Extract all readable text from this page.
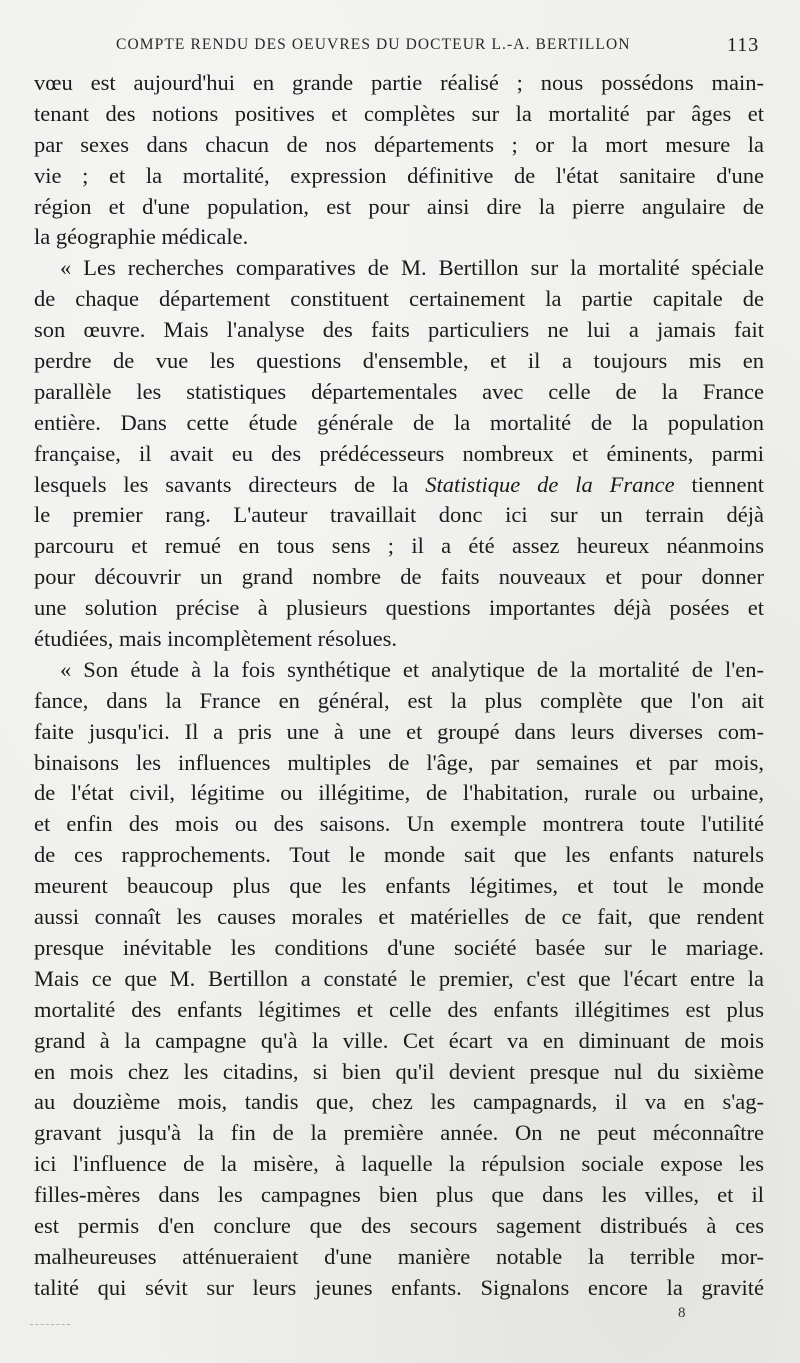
COMPTE RENDU DES OEUVRES DU DOCTEUR L.-A. BERTILLON	113
vœu est aujourd'hui en grande partie réalisé ; nous possédons main-
tenant des notions positives et complètes sur la mortalité par âges et
par sexes dans chacun de nos départements ; or la mort mesure la
vie ; et la mortalité, expression définitive de l'état sanitaire d'une
région et d'une population, est pour ainsi dire la pierre angulaire de
la géographie médicale.
« Les recherches comparatives de M. Bertillon sur la mortalité spéciale
de chaque département constituent certainement la partie capitale de
son œuvre. Mais l'analyse des faits particuliers ne lui a jamais fait
perdre de vue les questions d'ensemble, et il a toujours mis en
parallèle les statistiques départementales avec celle de la France
entière. Dans cette étude générale de la mortalité de la population
française, il avait eu des prédécesseurs nombreux et éminents, parmi
lesquels les savants directeurs de la Statistique de la France tiennent
le premier rang. L'auteur travaillait donc ici sur un terrain déjà
parcouru et remué en tous sens ; il a été assez heureux néanmoins
pour découvrir un grand nombre de faits nouveaux et pour donner
une solution précise à plusieurs questions importantes déjà posées et
étudiées, mais incomplètement résolues.
« Son étude à la fois synthétique et analytique de la mortalité de l'en-
fance, dans la France en général, est la plus complète que l'on ait
faite jusqu'ici. Il a pris une à une et groupé dans leurs diverses com-
binaisons les influences multiples de l'âge, par semaines et par mois,
de l'état civil, légitime ou illégitime, de l'habitation, rurale ou urbaine,
et enfin des mois ou des saisons. Un exemple montrera toute l'utilité
de ces rapprochements. Tout le monde sait que les enfants naturels
meurent beaucoup plus que les enfants légitimes, et tout le monde
aussi connaît les causes morales et matérielles de ce fait, que rendent
presque inévitable les conditions d'une société basée sur le mariage.
Mais ce que M. Bertillon a constaté le premier, c'est que l'écart entre la
mortalité des enfants légitimes et celle des enfants illégitimes est plus
grand à la campagne qu'à la ville. Cet écart va en diminuant de mois
en mois chez les citadins, si bien qu'il devient presque nul du sixième
au douzième mois, tandis que, chez les campagnards, il va en s'ag-
gravant jusqu'à la fin de la première année. On ne peut méconnaître
ici l'influence de la misère, à laquelle la répulsion sociale expose les
filles-mères dans les campagnes bien plus que dans les villes, et il
est permis d'en conclure que des secours sagement distribués à ces
malheureuses atténueraient d'une manière notable la terrible mor-
talité qui sévit sur leurs jeunes enfants. Signalons encore la gravité
8
